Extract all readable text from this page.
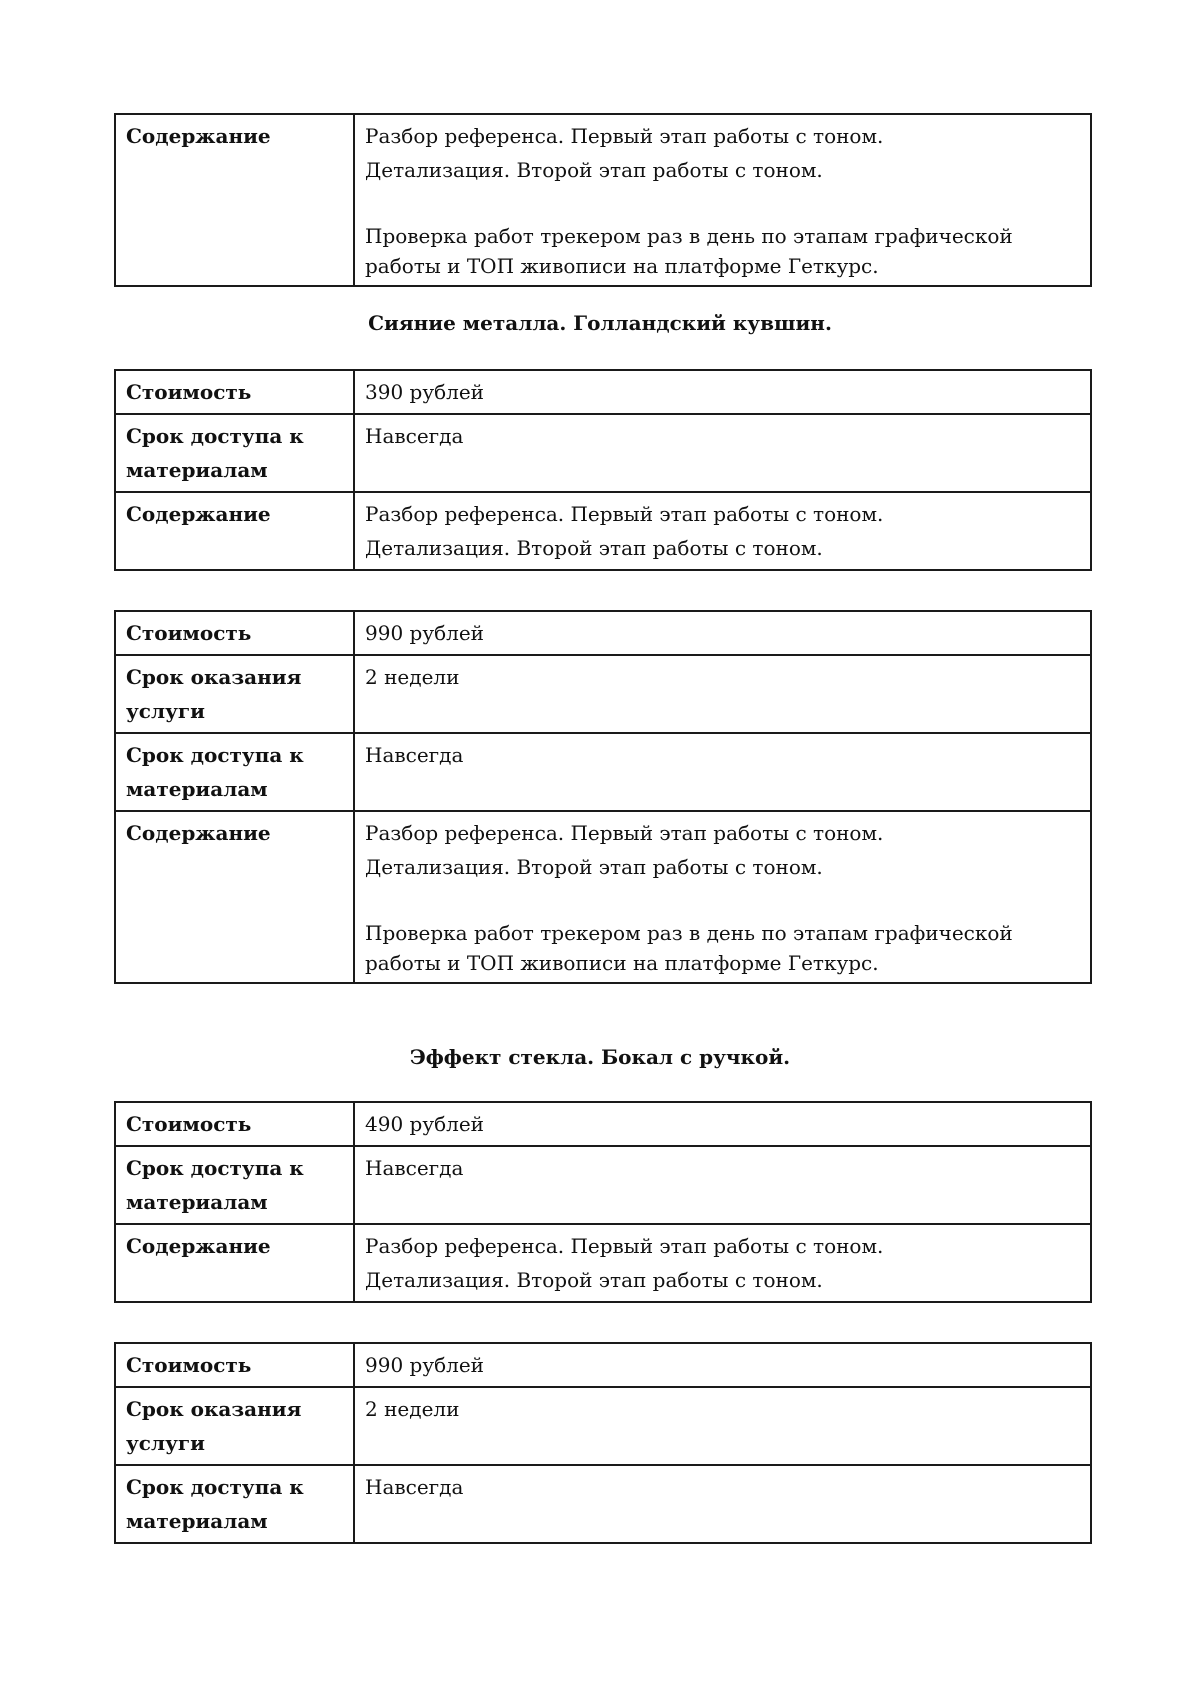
Содержание	Разбор референса. Первый этап работы с тоном.
Детализация. Второй этап работы с тоном.
Проверка работ трекером раз в день по этапам графической работы и ТОП живописи на платформе Геткурс.
Сияние металла. Голландский кувшин.
Стоимость	390 рублей
Срок доступа к материалам	Навсегда
Содержание	Разбор референса. Первый этап работы с тоном.
Детализация. Второй этап работы с тоном.
Стоимость	990 рублей
Срок оказания услуги	2 недели
Срок доступа к материалам	Навсегда
Содержание	Разбор референса. Первый этап работы с тоном.
Детализация. Второй этап работы с тоном.
Проверка работ трекером раз в день по этапам графической работы и ТОП живописи на платформе Геткурс.
Эффект стекла. Бокал с ручкой.
Стоимость	490 рублей
Срок доступа к материалам	Навсегда
Содержание	Разбор референса. Первый этап работы с тоном.
Детализация. Второй этап работы с тоном.
Стоимость	990 рублей
Срок оказания услуги	2 недели
Срок доступа к материалам	Навсегда
